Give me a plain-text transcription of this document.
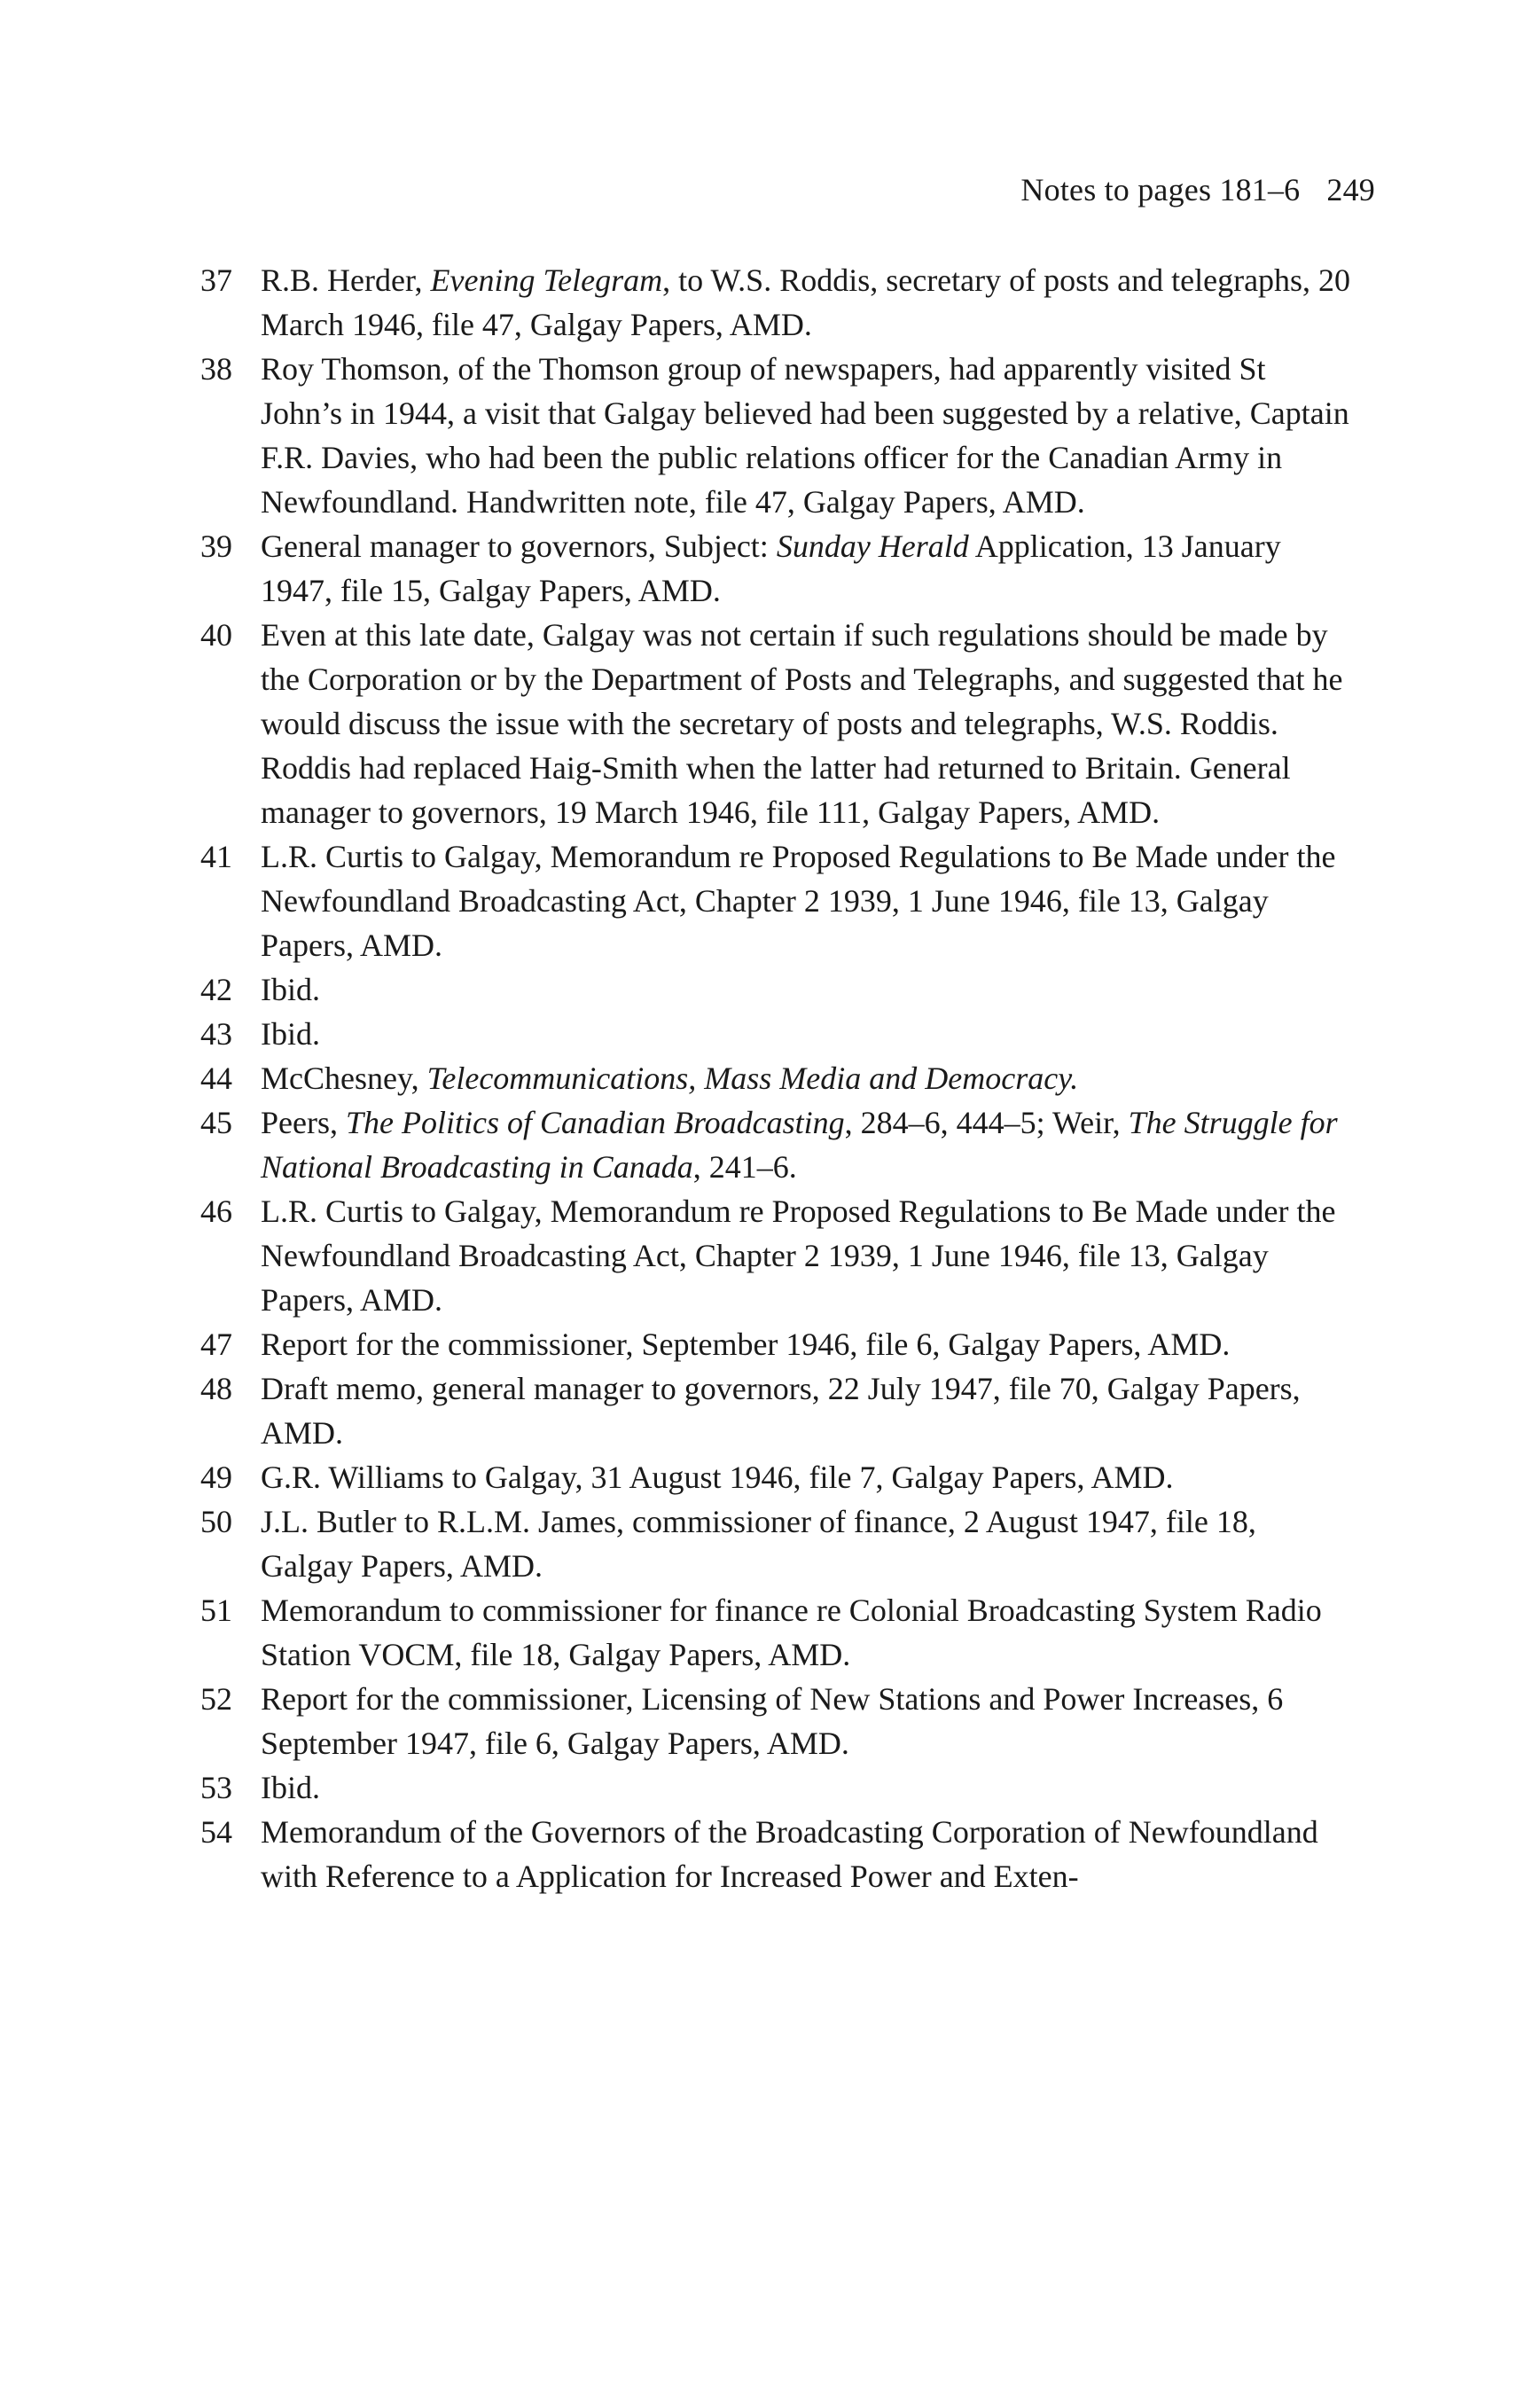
Notes to pages 181–6 249
37 R.B. Herder, Evening Telegram, to W.S. Roddis, secretary of posts and telegraphs, 20 March 1946, file 47, Galgay Papers, AMD.
38 Roy Thomson, of the Thomson group of newspapers, had apparently visited St John’s in 1944, a visit that Galgay believed had been suggested by a relative, Captain F.R. Davies, who had been the public relations officer for the Canadian Army in Newfoundland. Handwritten note, file 47, Galgay Papers, AMD.
39 General manager to governors, Subject: Sunday Herald Application, 13 January 1947, file 15, Galgay Papers, AMD.
40 Even at this late date, Galgay was not certain if such regulations should be made by the Corporation or by the Department of Posts and Telegraphs, and suggested that he would discuss the issue with the secretary of posts and telegraphs, W.S. Roddis. Roddis had replaced Haig-Smith when the latter had returned to Britain. General manager to governors, 19 March 1946, file 111, Galgay Papers, AMD.
41 L.R. Curtis to Galgay, Memorandum re Proposed Regulations to Be Made under the Newfoundland Broadcasting Act, Chapter 2 1939, 1 June 1946, file 13, Galgay Papers, AMD.
42 Ibid.
43 Ibid.
44 McChesney, Telecommunications, Mass Media and Democracy.
45 Peers, The Politics of Canadian Broadcasting, 284–6, 444–5; Weir, The Struggle for National Broadcasting in Canada, 241–6.
46 L.R. Curtis to Galgay, Memorandum re Proposed Regulations to Be Made under the Newfoundland Broadcasting Act, Chapter 2 1939, 1 June 1946, file 13, Galgay Papers, AMD.
47 Report for the commissioner, September 1946, file 6, Galgay Papers, AMD.
48 Draft memo, general manager to governors, 22 July 1947, file 70, Galgay Papers, AMD.
49 G.R. Williams to Galgay, 31 August 1946, file 7, Galgay Papers, AMD.
50 J.L. Butler to R.L.M. James, commissioner of finance, 2 August 1947, file 18, Galgay Papers, AMD.
51 Memorandum to commissioner for finance re Colonial Broadcasting System Radio Station VOCM, file 18, Galgay Papers, AMD.
52 Report for the commissioner, Licensing of New Stations and Power Increases, 6 September 1947, file 6, Galgay Papers, AMD.
53 Ibid.
54 Memorandum of the Governors of the Broadcasting Corporation of Newfoundland with Reference to a Application for Increased Power and Exten-
